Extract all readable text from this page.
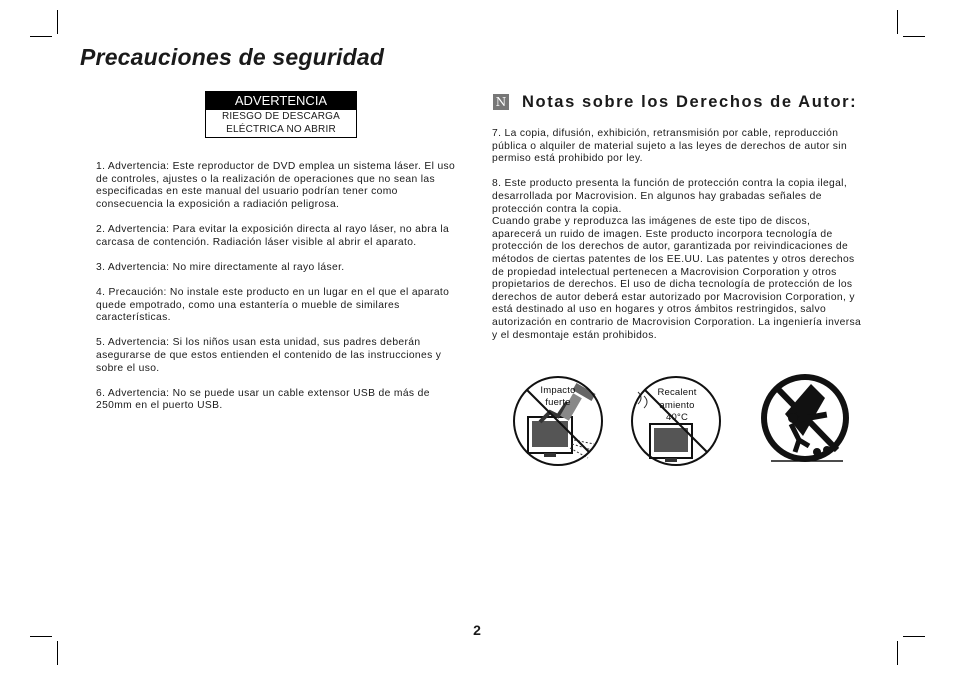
Precauciones de seguridad
ADVERTENCIA
RIESGO DE DESCARGA
ELÉCTRICA NO ABRIR

1. Advertencia: Este reproductor de DVD emplea un sistema láser. El uso de controles, ajustes o la realización de operaciones que no sean las especificadas en este manual del usuario podrían tener como consecuencia la exposición a radiación peligrosa.

2. Advertencia: Para evitar la exposición directa al rayo láser, no abra la carcasa de contención. Radiación láser visible al abrir el aparato.

3. Advertencia: No mire directamente al rayo láser.

4. Precaución: No instale este producto en un lugar en el que el aparato quede empotrado, como una estantería o mueble de similares características.

5. Advertencia: Si los niños usan esta unidad, sus padres deberán asegurarse de que estos entienden el contenido de las instrucciones y sobre el uso.

6. Advertencia: No se puede usar un cable extensor USB de más de 250mm en el puerto USB.

N Notas sobre los Derechos de Autor:

7. La copia, difusión, exhibición, retransmisión por cable, reproducción pública o alquiler de material sujeto a las leyes de derechos de autor sin permiso está prohibido por ley.

8. Este producto presenta la función de protección contra la copia ilegal, desarrollada por Macrovision. En algunos hay grabadas señales de protección contra la copia.
Cuando grabe y reproduzca las imágenes de este tipo de discos, aparecerá un ruido de imagen. Este producto incorpora tecnología de protección de los derechos de autor, garantizada por reivindicaciones de métodos de ciertas patentes de los EE.UU. Las patentes y otros derechos de propiedad intelectual pertenecen a Macrovision Corporation y otros propietarios de derechos. El uso de dicha tecnología de protección de los derechos de autor deberá estar autorizado por Macrovision Corporation, y está destinado al uso en hogares y otros ámbitos restringidos, salvo autorización en contrario de Macrovision Corporation. La ingeniería inversa y el desmontaje están prohibidos.

Impacto
fuerte
Recalent
amiento
40°C
2
